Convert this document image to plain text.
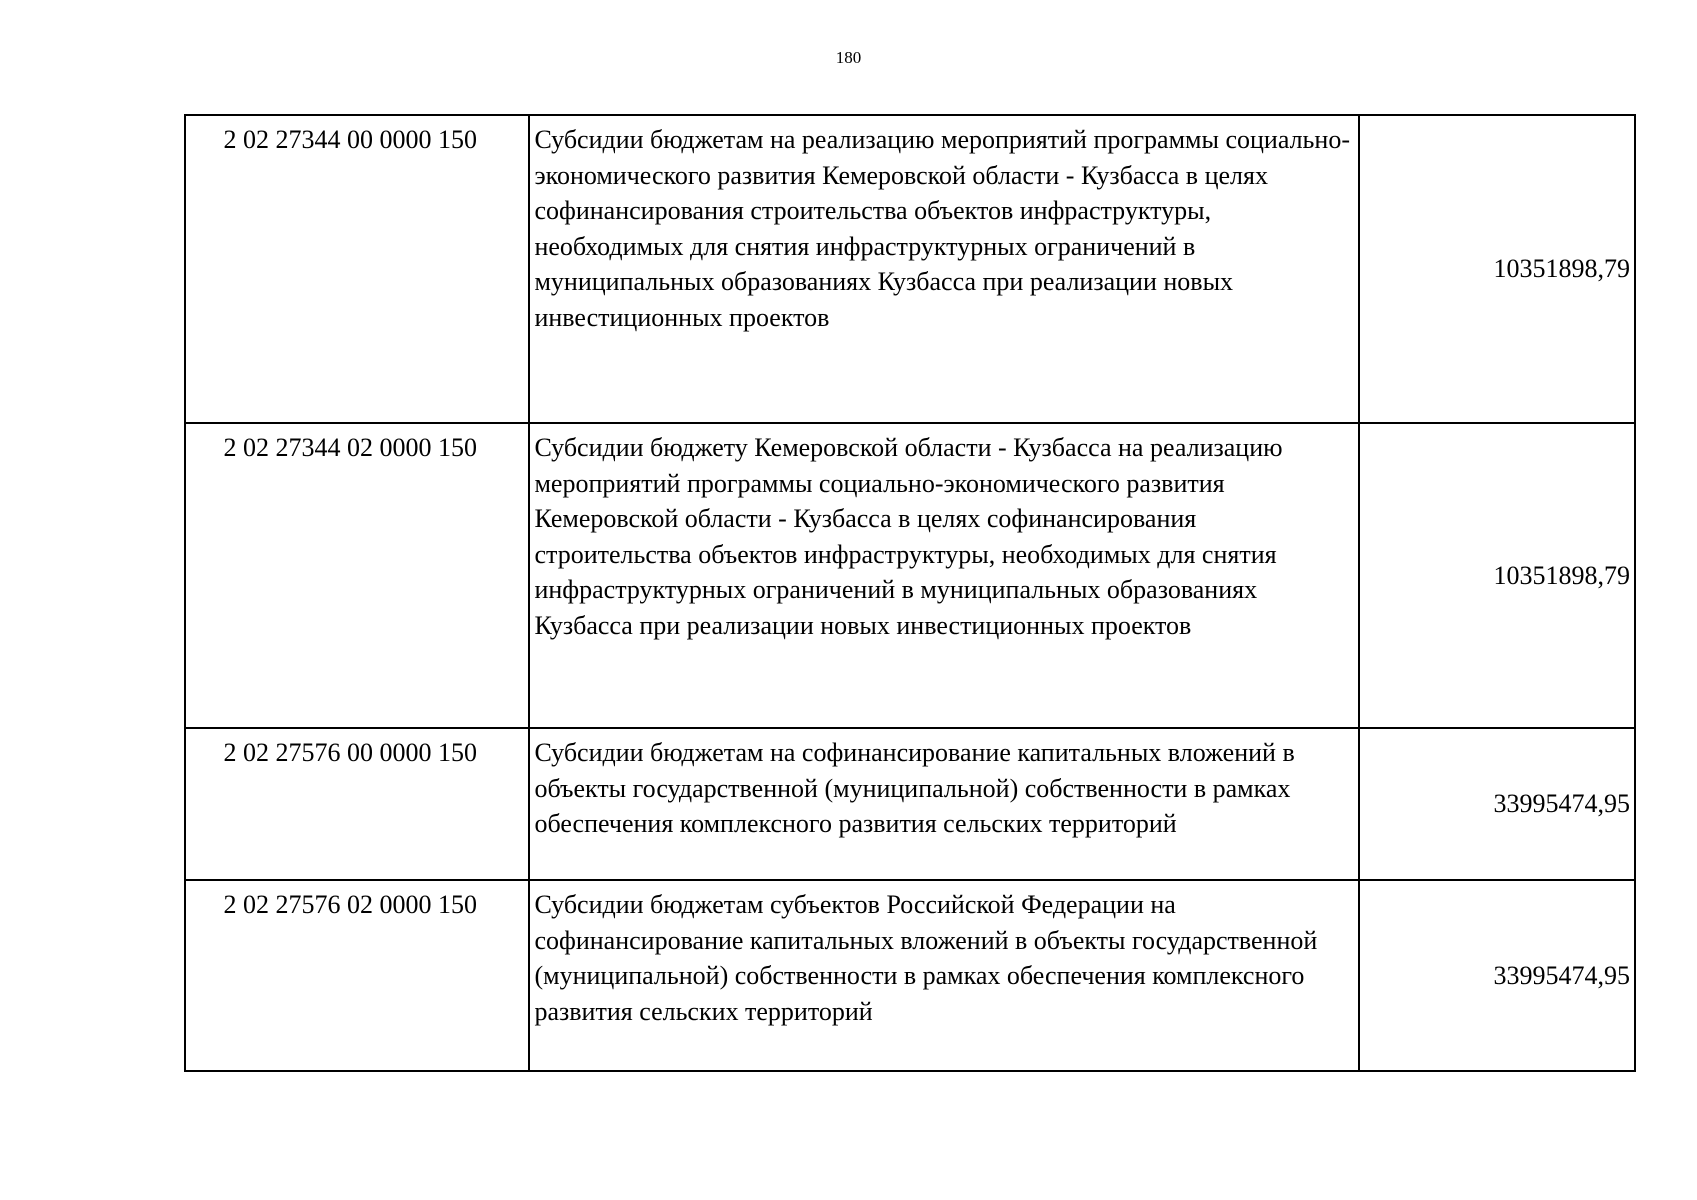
180
2 02 27344 00 0000 150	Субсидии бюджетам на реализацию мероприятий программы социально-экономического развития Кемеровской области - Кузбасса в целях софинансирования строительства объектов инфраструктуры, необходимых для снятия инфраструктурных ограничений в муниципальных образованиях Кузбасса при реализации новых инвестиционных проектов	10351898,79
2 02 27344 02 0000 150	Субсидии бюджету Кемеровской области - Кузбасса на реализацию мероприятий программы социально-экономического развития Кемеровской области - Кузбасса в целях софинансирования строительства объектов инфраструктуры, необходимых для снятия инфраструктурных ограничений в муниципальных образованиях Кузбасса при реализации новых инвестиционных проектов	10351898,79
2 02 27576 00 0000 150	Субсидии бюджетам на софинансирование капитальных вложений в объекты государственной (муниципальной) собственности в рамках обеспечения комплексного развития сельских территорий	33995474,95
2 02 27576 02 0000 150	Субсидии бюджетам субъектов Российской Федерации на софинансирование капитальных вложений в объекты государственной (муниципальной) собственности в рамках обеспечения комплексного развития сельских территорий	33995474,95
